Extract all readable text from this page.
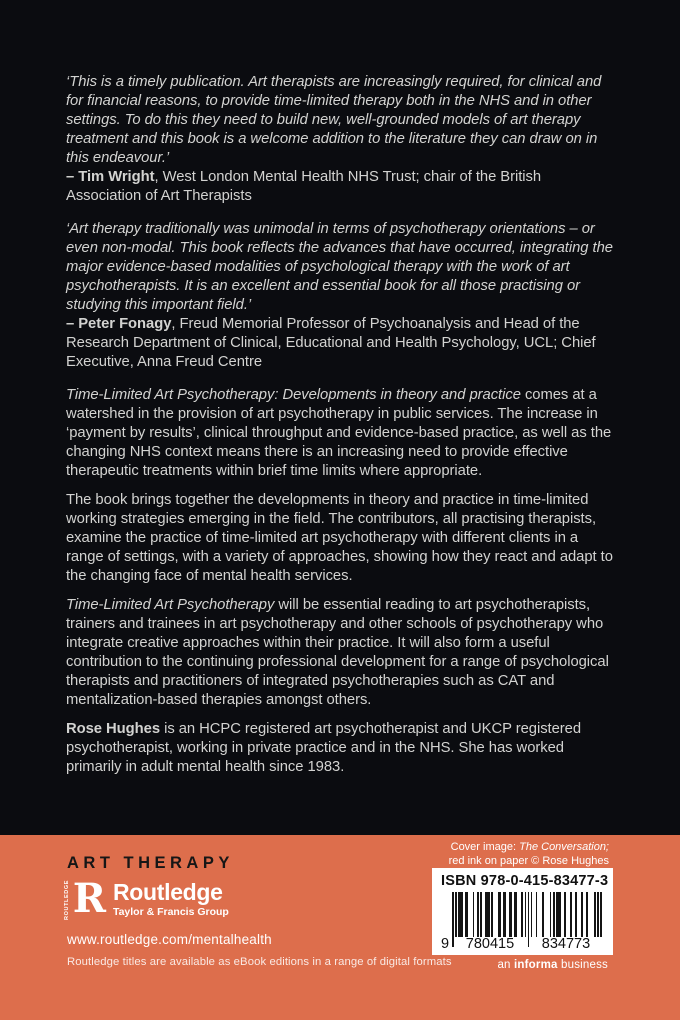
‘This is a timely publication. Art therapists are increasingly required, for clinical and for financial reasons, to provide time-limited therapy both in the NHS and in other settings. To do this they need to build new, well-grounded models of art therapy treatment and this book is a welcome addition to the literature they can draw on in this endeavour.’

– Tim Wright, West London Mental Health NHS Trust; chair of the British Association of Art Therapists

‘Art therapy traditionally was unimodal in terms of psychotherapy orientations – or even non-modal. This book reflects the advances that have occurred, integrating the major evidence-based modalities of psychological therapy with the work of art psychotherapists. It is an excellent and essential book for all those practising or studying this important field.’

– Peter Fonagy, Freud Memorial Professor of Psychoanalysis and Head of the Research Department of Clinical, Educational and Health Psychology, UCL; Chief Executive, Anna Freud Centre

Time-Limited Art Psychotherapy: Developments in theory and practice comes at a watershed in the provision of art psychotherapy in public services. The increase in ‘payment by results’, clinical throughput and evidence-based practice, as well as the changing NHS context means there is an increasing need to provide effective therapeutic treatments within brief time limits where appropriate.

The book brings together the developments in theory and practice in time-limited working strategies emerging in the field. The contributors, all practising therapists, examine the practice of time-limited art psychotherapy with different clients in a range of settings, with a variety of approaches, showing how they react and adapt to the changing face of mental health services.

Time-Limited Art Psychotherapy will be essential reading to art psychotherapists, trainers and trainees in art psychotherapy and other schools of psychotherapy who integrate creative approaches within their practice. It will also form a useful contribution to the continuing professional development for a range of psychological therapists and practitioners of integrated psychotherapies such as CAT and mentalization-based therapies amongst others.

Rose Hughes is an HCPC registered art psychotherapist and UKCP registered psychotherapist, working in private practice and in the NHS. She has worked primarily in adult mental health since 1983.

ART THERAPY
ROUTLEDGE R Routledge
Taylor & Francis Group
www.routledge.com/mentalhealth
Routledge titles are available as eBook editions in a range of digital formats
Cover image: The Conversation;
red ink on paper © Rose Hughes
ISBN 978-0-415-83477-3
9	780415	834773
an informa business
